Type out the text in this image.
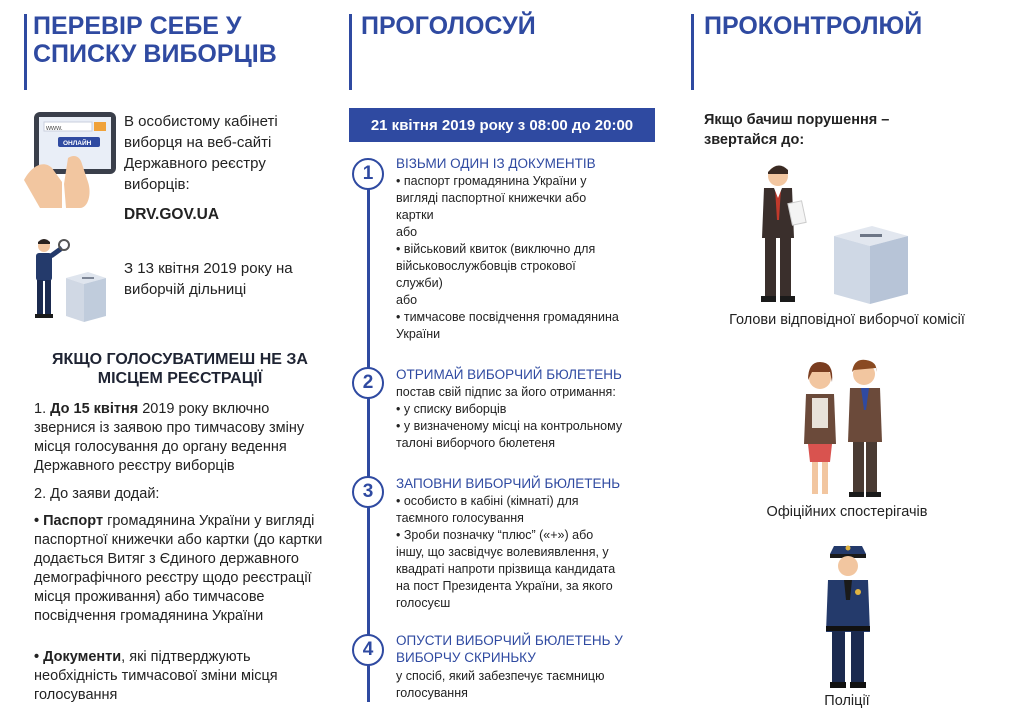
ПЕРЕВІР СЕБЕ У СПИСКУ ВИБОРЦІВ
ПРОГОЛОСУЙ	ПРОКОНТРОЛЮЙ
www.
ОНЛАЙН
В особистому кабінеті
виборця на веб-сайті
Державного реєстру
виборців:
DRV.GOV.UA
З 13 квітня 2019 року на
виборчій дільниці
ЯКЩО ГОЛОСУВАТИМЕШ НЕ ЗА
МІСЦЕМ РЕЄСТРАЦІЇ
1. До 15 квітня 2019 року включно звернися із заявою про тимчасову зміну місця голосування до органу ведення Державного реєстру виборців
2. До заяви додай:
• Паспорт громадянина України у вигляді паспортної книжечки або картки (до картки додається Витяг з Єдиного державного демографічного реєстру щодо реєстрації місця проживання) або тимчасове посвідчення громадянина України
• Документи, які підтверджують необхідність тимчасової зміни місця голосування
21 квітня 2019 року з 08:00 до 20:00
1	ВІЗЬМИ ОДИН ІЗ ДОКУМЕНТІВ
• паспорт громадянина України у
вигляді паспортної книжечки або
картки
або
• військовий квиток (виключно для
військовослужбовців строкової
служби)
або
• тимчасове посвідчення громадянина
України
2	ОТРИМАЙ ВИБОРЧИЙ БЮЛЕТЕНЬ
постав свій підпис за його отримання:
• у списку виборців
• у визначеному місці на контрольному
талоні виборчого бюлетеня
3	ЗАПОВНИ ВИБОРЧИЙ БЮЛЕТЕНЬ
• особисто в кабіні (кімнаті) для
таємного голосування
• Зроби позначку “плюс” («+») або
іншу, що засвідчує волевиявлення, у
квадраті напроти прізвища кандидата
на пост Президента України, за якого
голосуєш
4	ОПУСТИ ВИБОРЧИЙ БЮЛЕТЕНЬ У
ВИБОРЧУ СКРИНЬКУ
у спосіб, який забезпечує таємницю
голосування
Якщо бачиш порушення –
звертайся до:
Голови відповідної виборчої комісії
Офіційних спостерігачів
Поліції
